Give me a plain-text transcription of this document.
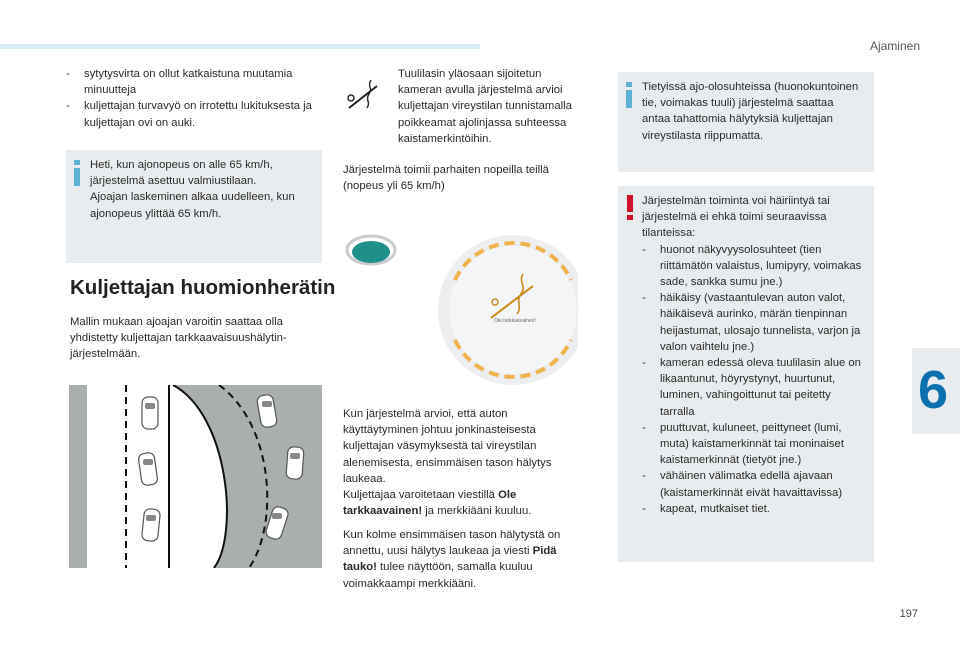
Ajaminen
197
6
- sytytysvirta on ollut katkaistuna muutamia minuutteja
- kuljettajan turvavyö on irrotettu lukituksesta ja kuljettajan ovi on auki.
Heti, kun ajonopeus on alle 65 km/h, järjestelmä asettuu valmiustilaan.
Ajoajan laskeminen alkaa uudelleen, kun ajonopeus ylittää 65 km/h.
Kuljettajan huomionherätin

Mallin mukaan ajoajan varoitin saattaa olla yhdistetty kuljettajan tarkkaavaisuushälytin-järjestelmään.

Tuulilasin yläosaan sijoitetun kameran avulla järjestelmä arvioi kuljettajan vireystilan tunnistamalla poikkeamat ajolinjassa suhteessa kaistamerkintöihin.

Järjestelmä toimii parhaiten nopeilla teillä (nopeus yli 65 km/h)

Ole tarkkaavainen!

Kun järjestelmä arvioi, että auton käyttäytyminen johtuu jonkinasteisesta kuljettajan väsymyksestä tai vireystilan alenemisesta, ensimmäisen tason hälytys laukeaa.

Kuljettajaa varoitetaan viestillä Ole tarkkaavainen! ja merkkiääni kuuluu.

Kun kolme ensimmäisen tason hälytystä on annettu, uusi hälytys laukeaa ja viesti Pidä tauko! tulee näyttöön, samalla kuuluu voimakkaampi merkkiääni.

Tietyissä ajo-olosuhteissa (huonokuntoinen tie, voimakas tuuli) järjestelmä saattaa antaa tahattomia hälytyksiä kuljettajan vireystilasta riippumatta.
Järjestelmän toiminta voi häiriintyä tai järjestelmä ei ehkä toimi seuraavissa tilanteissa:
- huonot näkyvyysolosuhteet (tien riittämätön valaistus, lumipyry, voimakas sade, sankka sumu jne.)
- häikäisy (vastaantulevan auton valot, häikäisevä aurinko, märän tienpinnan heijastumat, ulosajo tunnelista, varjon ja valon vaihtelu jne.)
- kameran edessä oleva tuulilasin alue on likaantunut, höyrystynyt, huurtunut, luminen, vahingoittunut tai peitetty tarralla
- puuttuvat, kuluneet, peittyneet (lumi, muta) kaistamerkinnät tai moninaiset kaistamerkinnät (tietyöt jne.)
- vähäinen välimatka edellä ajavaan (kaistamerkinnät eivät havaittavissa)
- kapeat, mutkaiset tiet.
